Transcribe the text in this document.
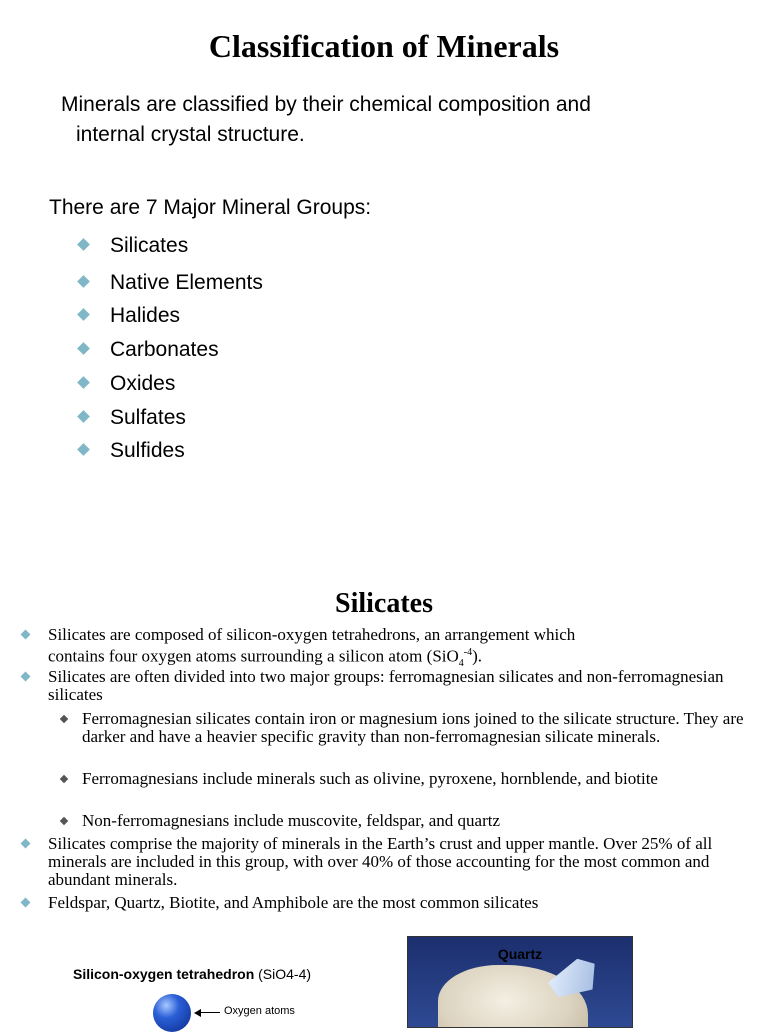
Classification of Minerals
Minerals are classified by their chemical composition and
internal crystal structure.
There are 7 Major Mineral Groups:
Silicates
Native Elements
Halides
Carbonates
Oxides
Sulfates
Sulfides
Silicates
Silicates are composed of silicon-oxygen tetrahedrons, an arrangement which
contains four oxygen atoms surrounding a silicon atom (SiO$_4^{-4}$).
Silicates are often divided into two major groups: ferromagnesian silicates and non-ferromagnesian silicates
Ferromagnesian silicates contain iron or magnesium ions joined to the silicate structure. They are darker and have a heavier specific gravity than non-ferromagnesian silicate minerals.
Ferromagnesians include minerals such as olivine, pyroxene, hornblende, and biotite
Non-ferromagnesians include muscovite, feldspar, and quartz
Silicates comprise the majority of minerals in the Earth’s crust and upper mantle. Over 25% of all minerals are included in this group, with over 40% of those accounting for the most common and abundant minerals.
Feldspar, Quartz, Biotite, and Amphibole are the most common silicates
Silicon-oxygen tetrahedron (SiO4-4)
Oxygen atoms
Quartz
